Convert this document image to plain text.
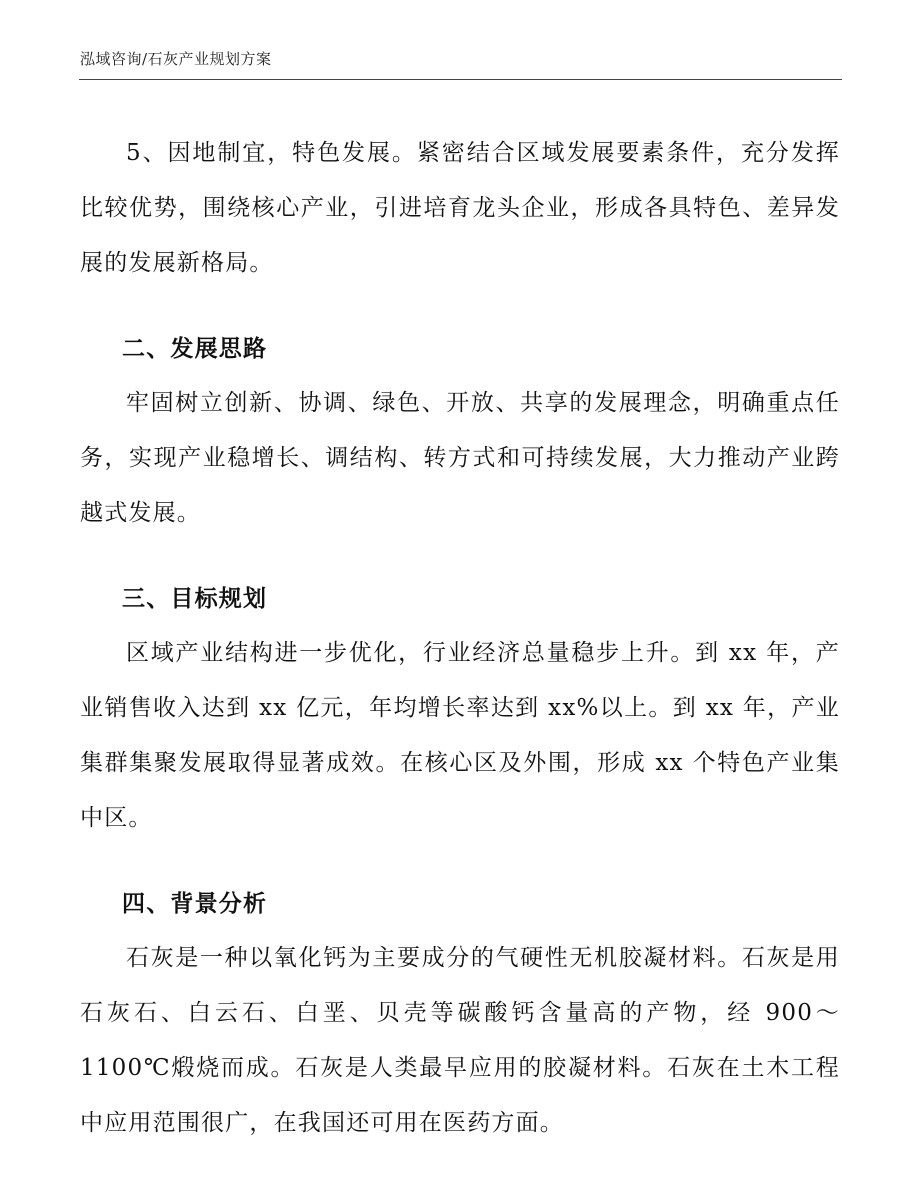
泓域咨询/石灰产业规划方案

5、因地制宜，特色发展。紧密结合区域发展要素条件，充分发挥比较优势，围绕核心产业，引进培育龙头企业，形成各具特色、差异发展的发展新格局。

二、发展思路

牢固树立创新、协调、绿色、开放、共享的发展理念，明确重点任务，实现产业稳增长、调结构、转方式和可持续发展，大力推动产业跨越式发展。

三、目标规划

区域产业结构进一步优化，行业经济总量稳步上升。到 xx 年，产业销售收入达到 xx 亿元，年均增长率达到 xx%以上。到 xx 年，产业集群集聚发展取得显著成效。在核心区及外围，形成 xx 个特色产业集中区。

四、背景分析

石灰是一种以氧化钙为主要成分的气硬性无机胶凝材料。石灰是用石灰石、白云石、白垩、贝壳等碳酸钙含量高的产物，经 900～1100℃煅烧而成。石灰是人类最早应用的胶凝材料。石灰在土木工程中应用范围很广，在我国还可用在医药方面。
